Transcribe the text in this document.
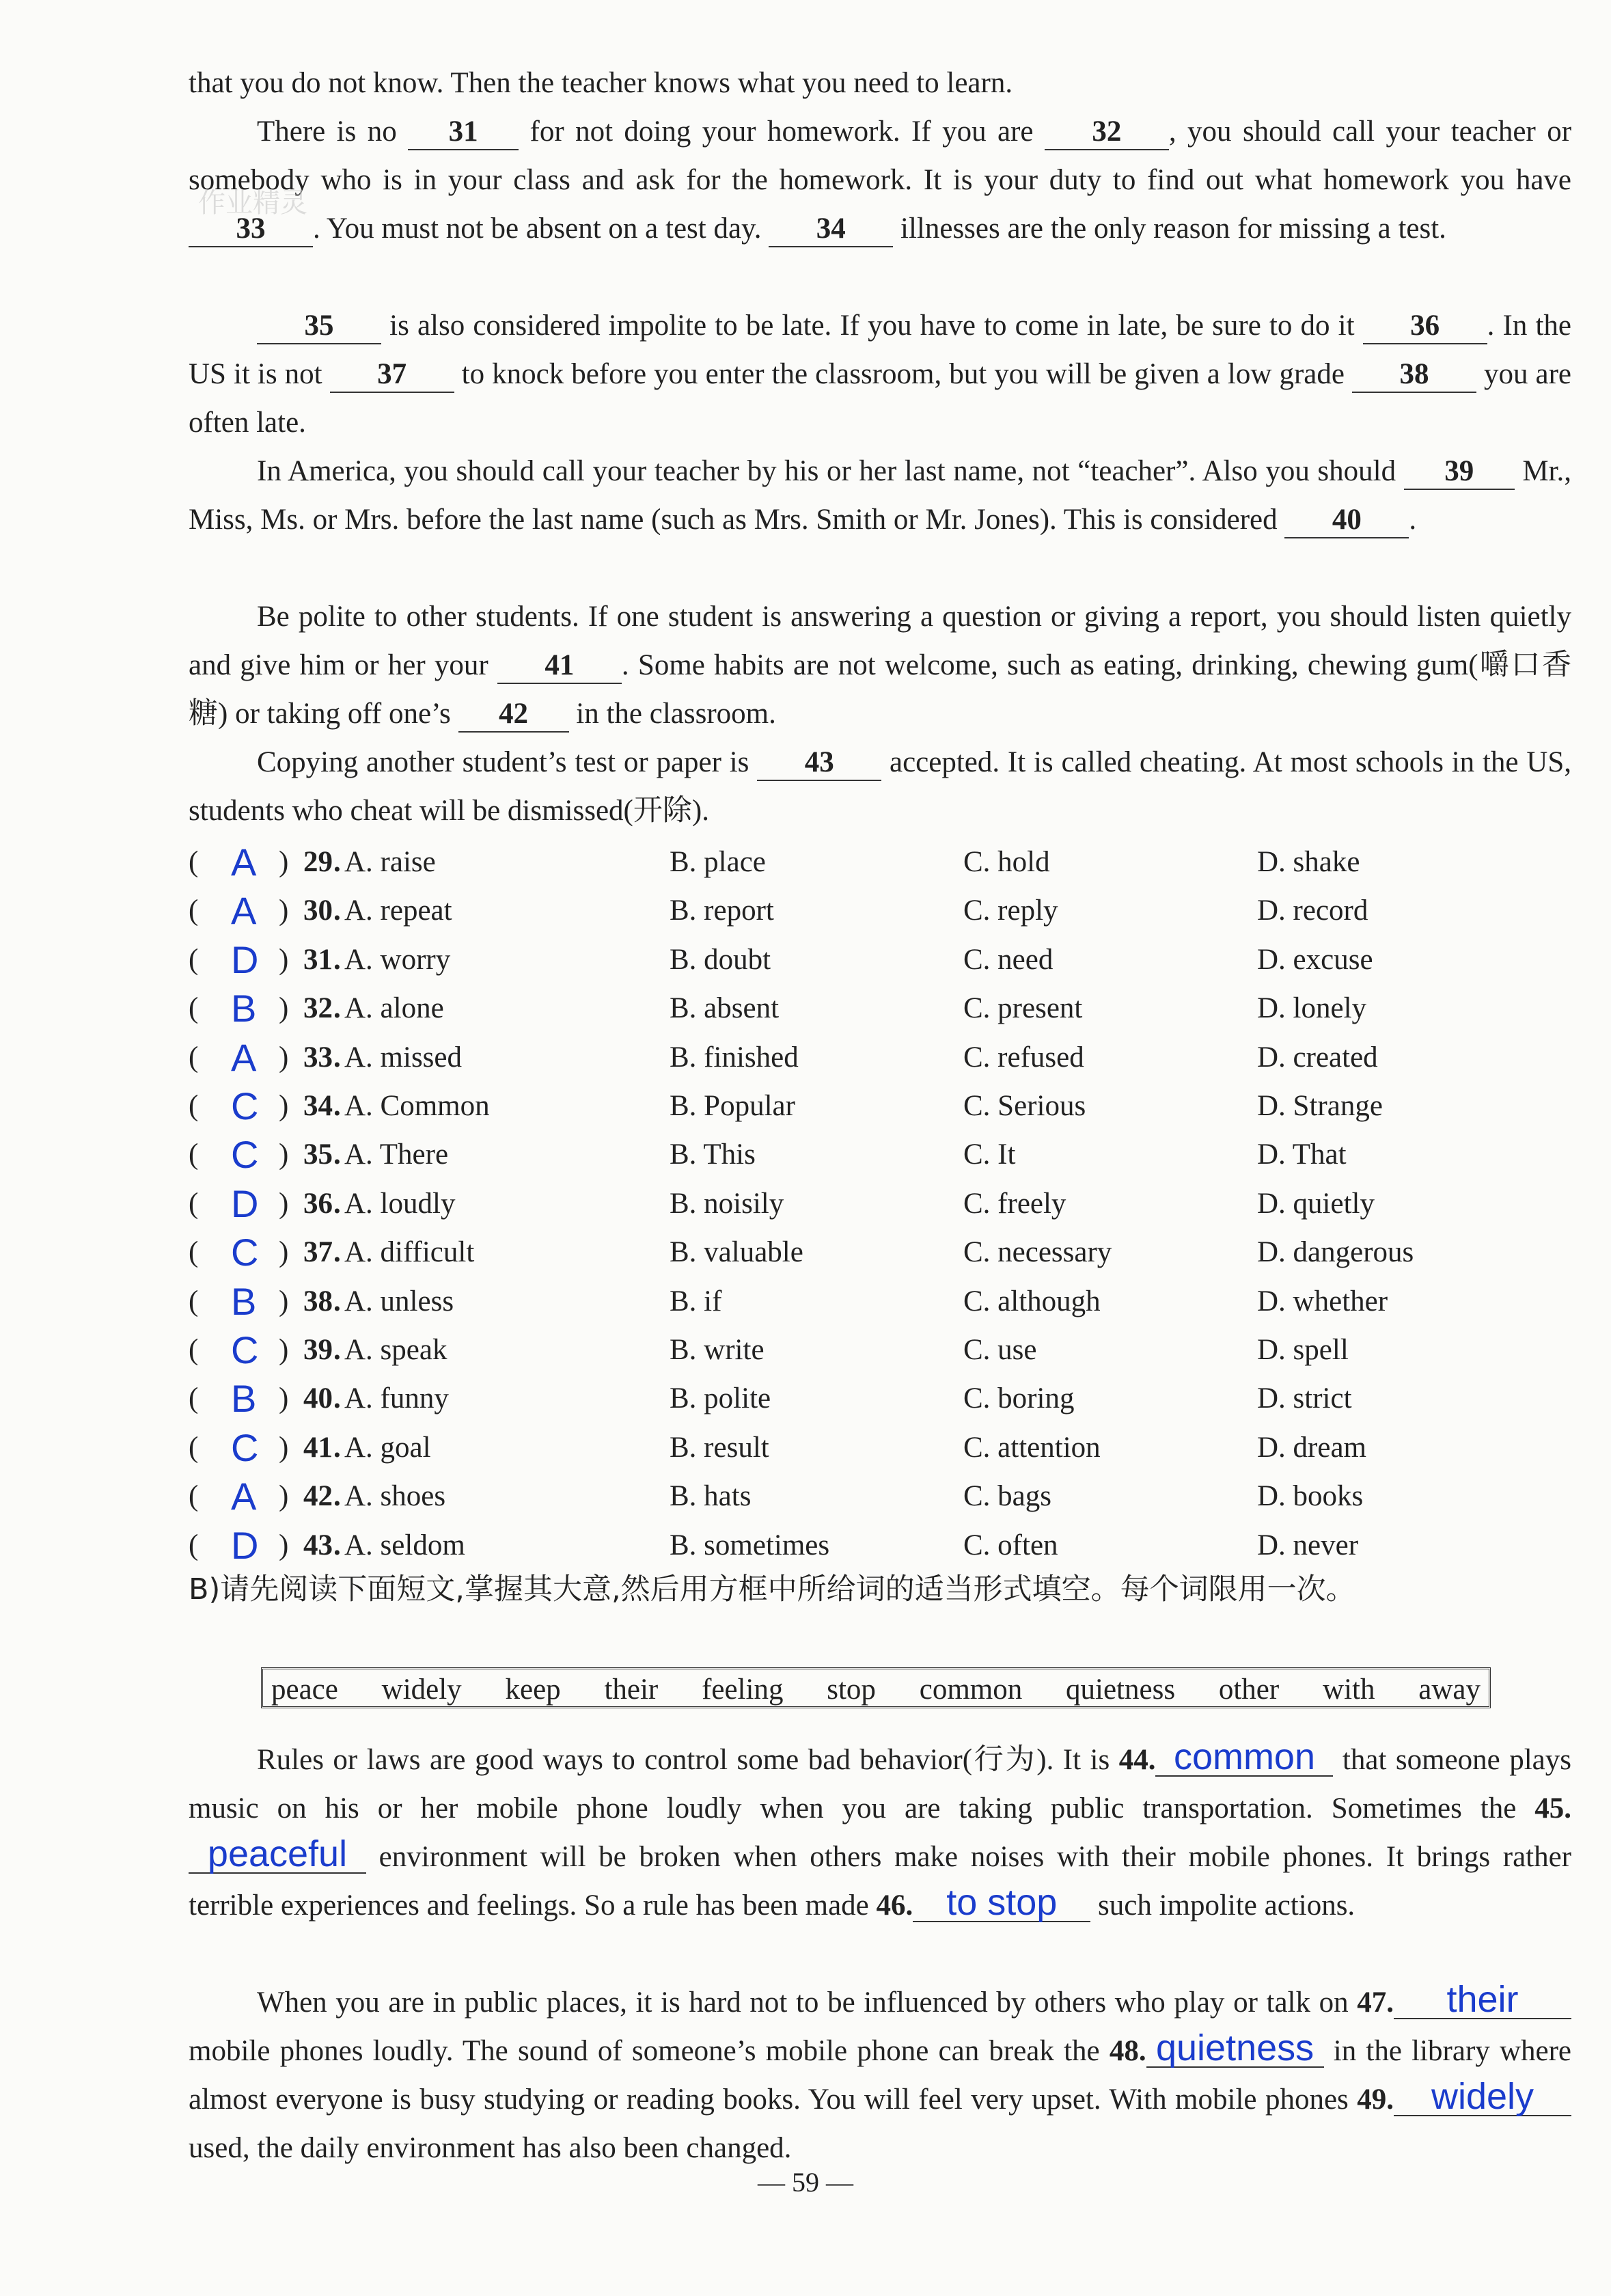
that you do not know. Then the teacher knows what you need to learn.

There is no 31 for not doing your homework. If you are 32 , you should call your teacher or somebody who is in your class and ask for the homework. It is your duty to find out what homework you have 33 . You must not be absent on a test day. 34 illnesses are the only reason for missing a test.

35 is also considered impolite to be late. If you have to come in late, be sure to do it 36 . In the US it is not 37 to knock before you enter the classroom, but you will be given a low grade 38 you are often late.

In America, you should call your teacher by his or her last name, not “teacher”. Also you should 39 Mr., Miss, Ms. or Mrs. before the last name (such as Mrs. Smith or Mr. Jones). This is considered 40 .

Be polite to other students. If one student is answering a question or giving a report, you should listen quietly and give him or her your 41 . Some habits are not welcome, such as eating, drinking, chewing gum(嚼口香糖) or taking off one’s 42 in the classroom.

Copying another student’s test or paper is 43 accepted. It is called cheating. At most schools in the US, students who cheat will be dismissed(开除).

( A ) 29 . A. raise	B. place	C. hold	D. shake
( A ) 30 . A. repeat	B. report	C. reply	D. record
( D ) 31 . A. worry	B. doubt	C. need	D. excuse
( B ) 32 . A. alone	B. absent	C. present	D. lonely
( A ) 33 . A. missed	B. finished	C. refused	D. created
( C ) 34 . A. Common	B. Popular	C. Serious	D. Strange
( C ) 35 . A. There	B. This	C. It	D. That
( D ) 36 . A. loudly	B. noisily	C. freely	D. quietly
( C ) 37 . A. difficult	B. valuable	C. necessary	D. dangerous
( B ) 38 . A. unless	B. if	C. although	D. whether
( C ) 39 . A. speak	B. write	C. use	D. spell
( B ) 40 . A. funny	B. polite	C. boring	D. strict
( C ) 41 . A. goal	B. result	C. attention	D. dream
( A ) 42 . A. shoes	B. hats	C. bags	D. books
( D ) 43 . A. seldom	B. sometimes	C. often	D. never

B)请先阅读下面短文,掌握其大意,然后用方框中所给词的适当形式填空。每个词限用一次。

peace widely keep their feeling stop common quietness other with away

Rules or laws are good ways to control some bad behavior(行为). It is 44. common that someone plays music on his or her mobile phone loudly when you are taking public transportation. Sometimes the 45.peaceful environment will be broken when others make noises with their mobile phones. It brings rather terrible experiences and feelings. So a rule has been made 46. to stop such impolite actions.

When you are in public places, it is hard not to be influenced by others who play or talk on 47. their mobile phones loudly. The sound of someone’s mobile phone can break the 48. quietness in the library where almost everyone is busy studying or reading books. You will feel very upset. With mobile phones 49. widely used, the daily environment has also been changed.

— 59 —
作业精灵
